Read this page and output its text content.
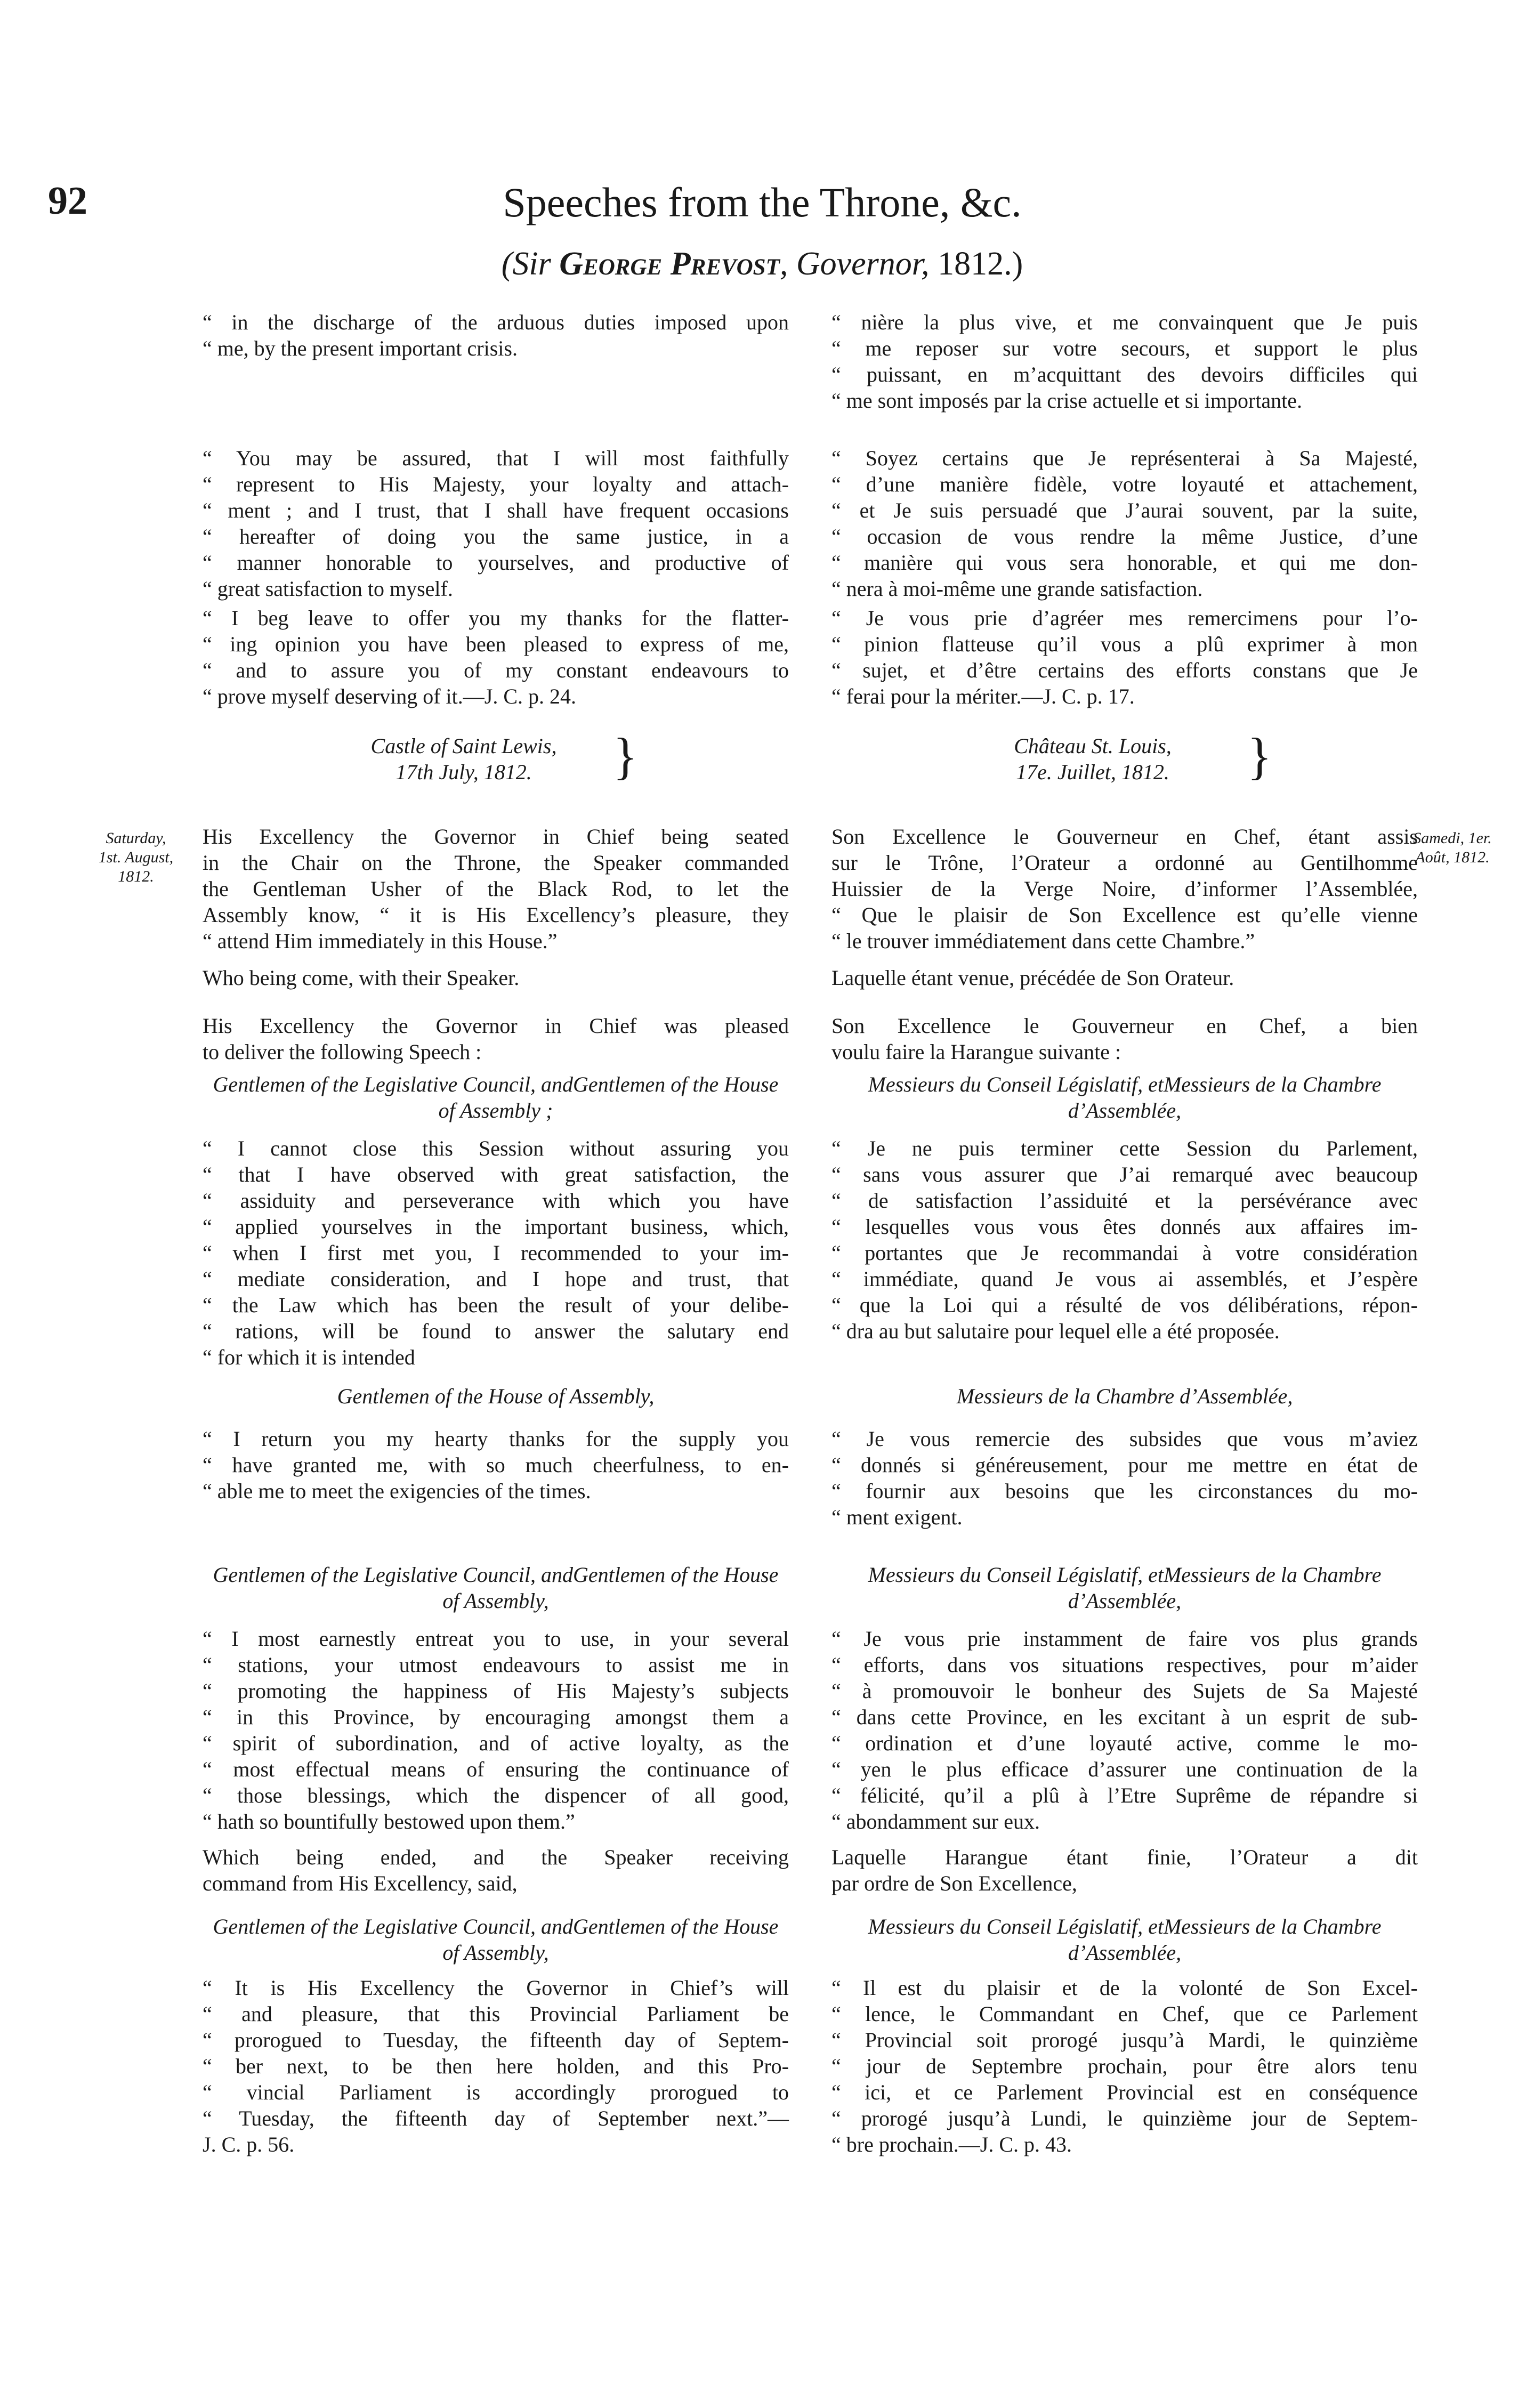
92	Speeches from the Throne, &c.
(Sir George Prevost, Governor, 1812.)
Saturday,
1st. August,
1812.
Samedi, 1er.
Août, 1812.
“ in the discharge of the arduous duties imposed upon
“ me, by the present important crisis.
“ You may be assured, that I will most faithfully
“ represent to His Majesty, your loyalty and attach-
“ ment ; and I trust, that I shall have frequent occasions
“ hereafter of doing you the same justice, in a
“ manner honorable to yourselves, and productive of
“ great satisfaction to myself.
“ I beg leave to offer you my thanks for the flatter-
“ ing opinion you have been pleased to express of me,
“ and to assure you of my constant endeavours to
“ prove myself deserving of it.—J. C. p. 24.
Castle of Saint Lewis,
17th July, 1812.	}
His Excellency the Governor in Chief being seated
in the Chair on the Throne, the Speaker commanded
the Gentleman Usher of the Black Rod, to let the
Assembly know, “ it is His Excellency’s pleasure, they
“ attend Him immediately in this House.”
Who being come, with their Speaker.
His Excellency the Governor in Chief was pleased
to deliver the following Speech :
Gentlemen of the Legislative Council, andGentlemen of the House of Assembly ;
“ I cannot close this Session without assuring you
“ that I have observed with great satisfaction, the
“ assiduity and perseverance with which you have
“ applied yourselves in the important business, which,
“ when I first met you, I recommended to your im-
“ mediate consideration, and I hope and trust, that
“ the Law which has been the result of your delibe-
“ rations, will be found to answer the salutary end
“ for which it is intended
Gentlemen of the House of Assembly,
“ I return you my hearty thanks for the supply you
“ have granted me, with so much cheerfulness, to en-
“ able me to meet the exigencies of the times.
Gentlemen of the Legislative Council, andGentlemen of the House of Assembly,
“ I most earnestly entreat you to use, in your several
“ stations, your utmost endeavours to assist me in
“ promoting the happiness of His Majesty’s subjects
“ in this Province, by encouraging amongst them a
“ spirit of subordination, and of active loyalty, as the
“ most effectual means of ensuring the continuance of
“ those blessings, which the dispencer of all good,
“ hath so bountifully bestowed upon them.”
Which being ended, and the Speaker receiving
command from His Excellency, said,
Gentlemen of the Legislative Council, andGentlemen of the House of Assembly,
“ It is His Excellency the Governor in Chief’s will
“ and pleasure, that this Provincial Parliament be
“ prorogued to Tuesday, the fifteenth day of Septem-
“ ber next, to be then here holden, and this Pro-
“ vincial Parliament is accordingly prorogued to
“ Tuesday, the fifteenth day of September next.”—
J. C. p. 56.
“ nière la plus vive, et me convainquent que Je puis
“ me reposer sur votre secours, et support le plus
“ puissant, en m’acquittant des devoirs difficiles qui
“ me sont imposés par la crise actuelle et si importante.
“ Soyez certains que Je représenterai à Sa Majesté,
“ d’une manière fidèle, votre loyauté et attachement,
“ et Je suis persuadé que J’aurai souvent, par la suite,
“ occasion de vous rendre la même Justice, d’une
“ manière qui vous sera honorable, et qui me don-
“ nera à moi-même une grande satisfaction.
“ Je vous prie d’agréer mes remercimens pour l’o-
“ pinion flatteuse qu’il vous a plû exprimer à mon
“ sujet, et d’être certains des efforts constans que Je
“ ferai pour la mériter.—J. C. p. 17.
Château St. Louis,
17e. Juillet, 1812.	}
Son Excellence le Gouverneur en Chef, étant assis
sur le Trône, l’Orateur a ordonné au Gentilhomme
Huissier de la Verge Noire, d’informer l’Assemblée,
“ Que le plaisir de Son Excellence est qu’elle vienne
“ le trouver immédiatement dans cette Chambre.”
Laquelle étant venue, précédée de Son Orateur.
Son Excellence le Gouverneur en Chef, a bien
voulu faire la Harangue suivante :
Messieurs du Conseil Législatif, etMessieurs de la Chambre d’Assemblée,
“ Je ne puis terminer cette Session du Parlement,
“ sans vous assurer que J’ai remarqué avec beaucoup
“ de satisfaction l’assiduité et la persévérance avec
“ lesquelles vous vous êtes donnés aux affaires im-
“ portantes que Je recommandai à votre considération
“ immédiate, quand Je vous ai assemblés, et J’espère
“ que la Loi qui a résulté de vos délibérations, répon-
“ dra au but salutaire pour lequel elle a été proposée.
Messieurs de la Chambre d’Assemblée,
“ Je vous remercie des subsides que vous m’aviez
“ donnés si généreusement, pour me mettre en état de
“ fournir aux besoins que les circonstances du mo-
“ ment exigent.
Messieurs du Conseil Législatif, etMessieurs de la Chambre d’Assemblée,
“ Je vous prie instamment de faire vos plus grands
“ efforts, dans vos situations respectives, pour m’aider
“ à promouvoir le bonheur des Sujets de Sa Majesté
“ dans cette Province, en les excitant à un esprit de sub-
“ ordination et d’une loyauté active, comme le mo-
“ yen le plus efficace d’assurer une continuation de la
“ félicité, qu’il a plû à l’Etre Suprême de répandre si
“ abondamment sur eux.
Laquelle Harangue étant finie, l’Orateur a dit
par ordre de Son Excellence,
Messieurs du Conseil Législatif, etMessieurs de la Chambre d’Assemblée,
“ Il est du plaisir et de la volonté de Son Excel-
“ lence, le Commandant en Chef, que ce Parlement
“ Provincial soit prorogé jusqu’à Mardi, le quinzième
“ jour de Septembre prochain, pour être alors tenu
“ ici, et ce Parlement Provincial est en conséquence
“ prorogé jusqu’à Lundi, le quinzième jour de Septem-
“ bre prochain.—J. C. p. 43.
